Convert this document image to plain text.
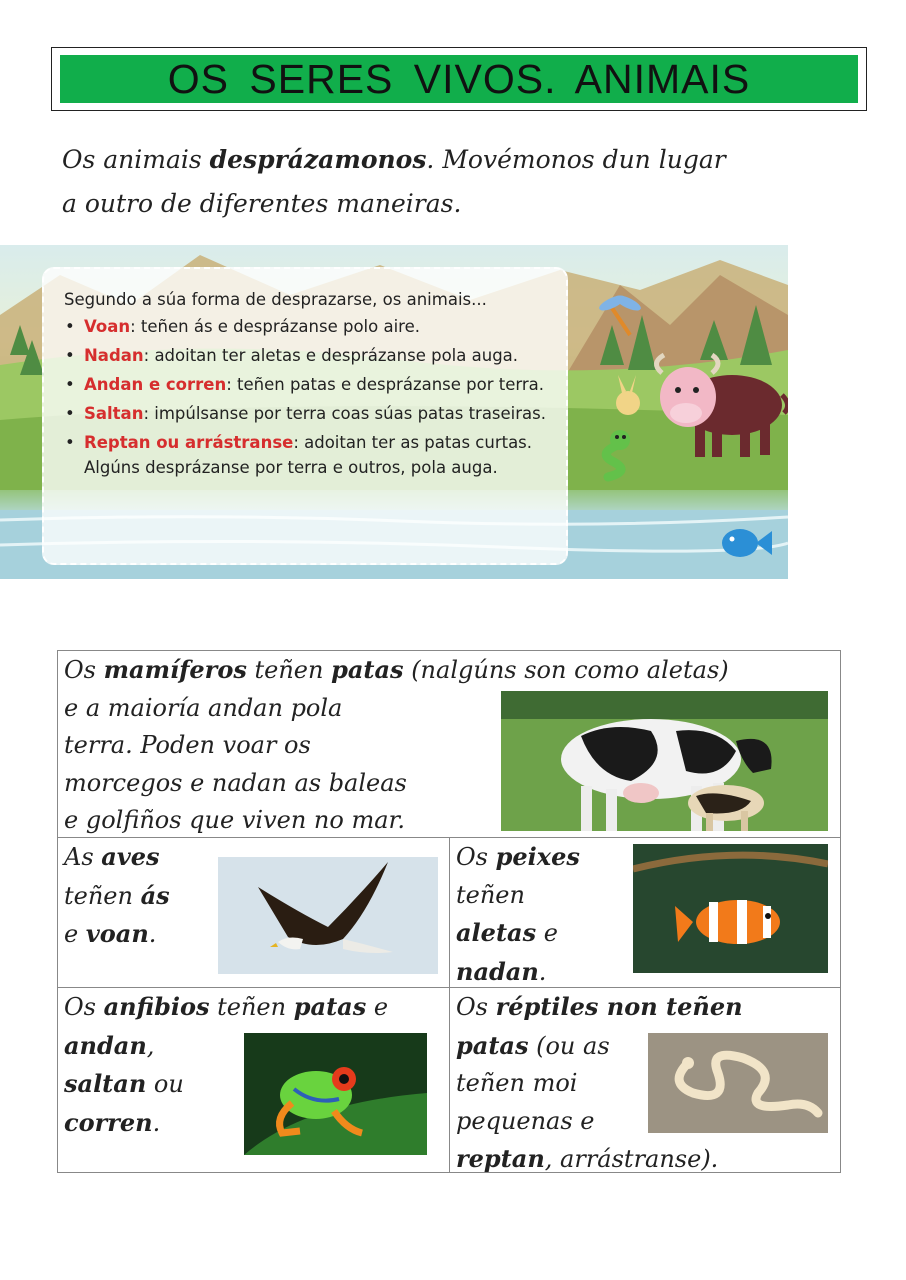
OS SERES VIVOS. ANIMAIS
Os animais desprázamonos. Movémonos dun lugar
a outro de diferentes maneiras.
Segundo a súa forma de desprazarse, os animais...
• Voan: teñen ás e desprázanse polo aire.
• Nadan: adoitan ter aletas e desprázanse pola auga.
• Andan e corren: teñen patas e desprázanse por terra.
• Saltan: impúlsanse por terra coas súas patas traseiras.
• Reptan ou arrástranse: adoitan ter as patas curtas. Algúns desprázanse por terra e outros, pola auga.
Os mamíferos teñen patas (nalgúns son como aletas)
e a maioría andan pola
terra. Poden voar os
morcegos e nadan as baleas
e golfiños que viven no mar.
As aves
teñen ás
e voan.
Os peixes
teñen
aletas e
nadan.
Os anfibios teñen patas e
andan,
saltan ou
corren.
Os réptiles non teñen
patas (ou as
teñen moi
pequenas e
reptan, arrástranse).
